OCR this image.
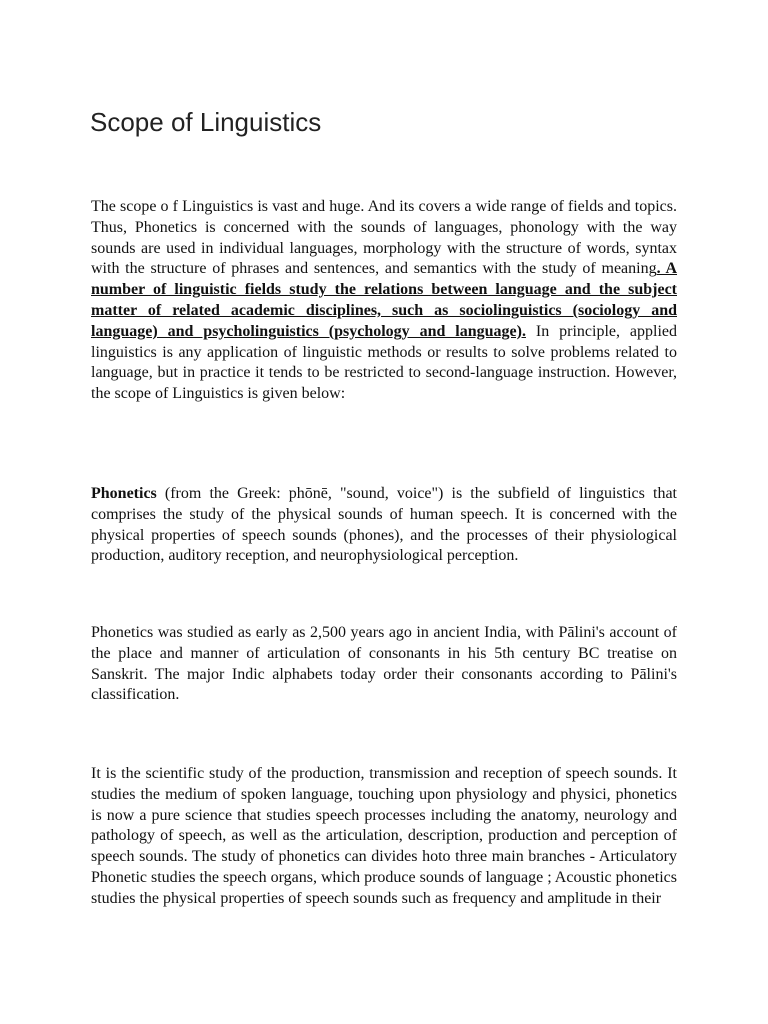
Scope of Linguistics

The scope o f Linguistics is vast and huge. And its covers a wide range of fields and topics. Thus, Phonetics is concerned with the sounds of languages, phonology with the way sounds are used in individual languages, morphology with the structure of words, syntax with the structure of phrases and sentences, and semantics with the study of meaning. A number of linguistic fields study the relations between language and the subject matter of related academic disciplines, such as sociolinguistics (sociology and language) and psycholinguistics (psychology and language). In principle, applied linguistics is any application of linguistic methods or results to solve problems related to language, but in practice it tends to be restricted to second-language instruction. However, the scope of Linguistics is given below:

Phonetics (from the Greek: phōnē, "sound, voice") is the subfield of linguistics that comprises the study of the physical sounds of human speech. It is concerned with the physical properties of speech sounds (phones), and the processes of their physiological production, auditory reception, and neurophysiological perception.

Phonetics was studied as early as 2,500 years ago in ancient India, with Pālini's account of the place and manner of articulation of consonants in his 5th century BC treatise on Sanskrit. The major Indic alphabets today order their consonants according to Pālini's classification.

It is the scientific study of the production, transmission and reception of speech sounds. It studies the medium of spoken language, touching upon physiology and physici, phonetics is now a pure science that studies speech processes including the anatomy, neurology and pathology of speech, as well as the articulation, description, production and perception of speech sounds. The study of phonetics can divides hoto three main branches - Articulatory Phonetic studies the speech organs, which produce sounds of language ; Acoustic phonetics studies the physical properties of speech sounds such as frequency and amplitude in their
